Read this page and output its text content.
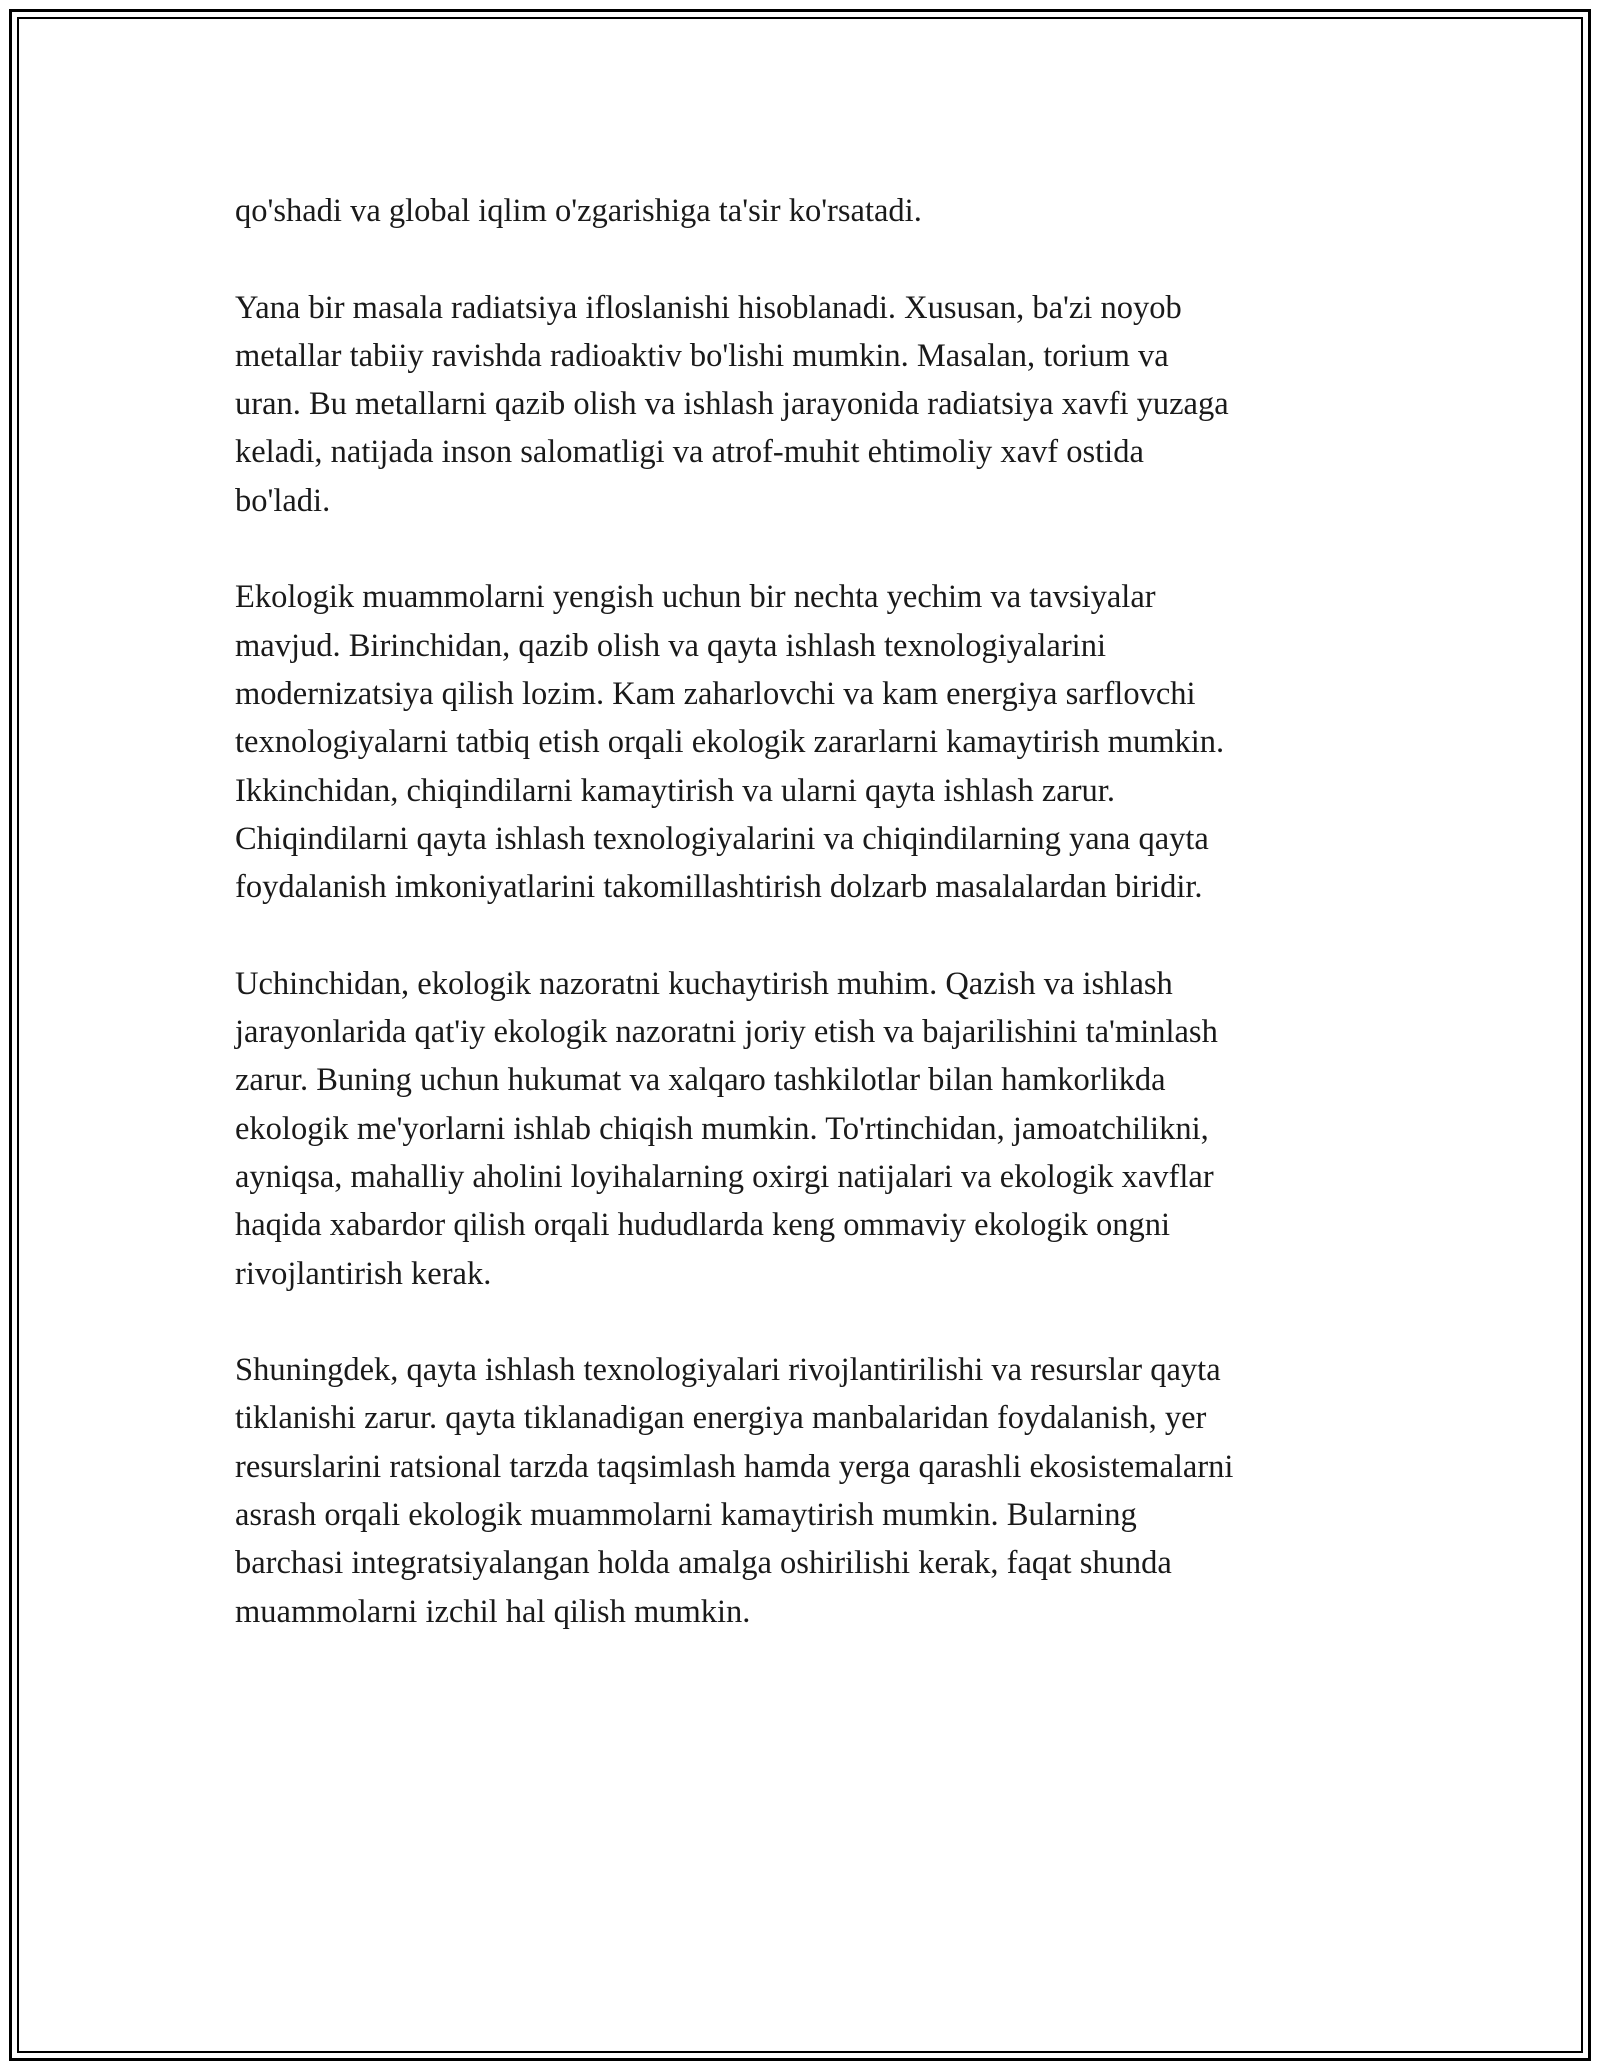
qo'shadi va global iqlim o'zgarishiga ta'sir ko'rsatadi.

Yana bir masala radiatsiya ifloslanishi hisoblanadi. Xususan, ba'zi noyob
metallar tabiiy ravishda radioaktiv bo'lishi mumkin. Masalan, torium va
uran. Bu metallarni qazib olish va ishlash jarayonida radiatsiya xavfi yuzaga
keladi, natijada inson salomatligi va atrof-muhit ehtimoliy xavf ostida
bo'ladi.

Ekologik muammolarni yengish uchun bir nechta yechim va tavsiyalar
mavjud. Birinchidan, qazib olish va qayta ishlash texnologiyalarini
modernizatsiya qilish lozim. Kam zaharlovchi va kam energiya sarflovchi
texnologiyalarni tatbiq etish orqali ekologik zararlarni kamaytirish mumkin.
Ikkinchidan, chiqindilarni kamaytirish va ularni qayta ishlash zarur.
Chiqindilarni qayta ishlash texnologiyalarini va chiqindilarning yana qayta
foydalanish imkoniyatlarini takomillashtirish dolzarb masalalardan biridir.

Uchinchidan, ekologik nazoratni kuchaytirish muhim. Qazish va ishlash
jarayonlarida qat'iy ekologik nazoratni joriy etish va bajarilishini ta'minlash
zarur. Buning uchun hukumat va xalqaro tashkilotlar bilan hamkorlikda
ekologik me'yorlarni ishlab chiqish mumkin. To'rtinchidan, jamoatchilikni,
ayniqsa, mahalliy aholini loyihalarning oxirgi natijalari va ekologik xavflar
haqida xabardor qilish orqali hududlarda keng ommaviy ekologik ongni
rivojlantirish kerak.

Shuningdek, qayta ishlash texnologiyalari rivojlantirilishi va resurslar qayta
tiklanishi zarur. qayta tiklanadigan energiya manbalaridan foydalanish, yer
resurslarini ratsional tarzda taqsimlash hamda yerga qarashli ekosistemalarni
asrash orqali ekologik muammolarni kamaytirish mumkin. Bularning
barchasi integratsiyalangan holda amalga oshirilishi kerak, faqat shunda
muammolarni izchil hal qilish mumkin.
